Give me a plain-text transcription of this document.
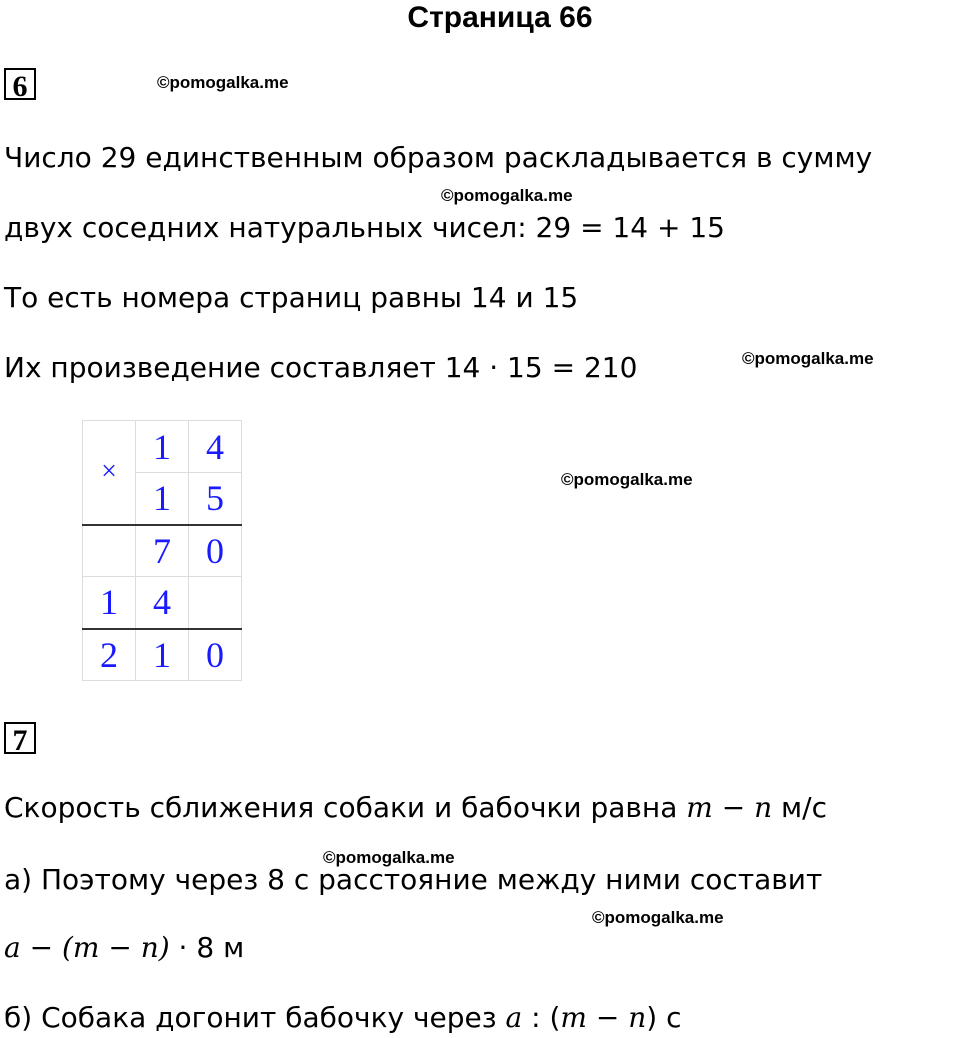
Страница 66
6	©pomogalka.me
Число 29 единственным образом раскладывается в сумму
©pomogalka.me
двух соседних натуральных чисел: 29 = 14 + 15
То есть номера страниц равны 14 и 15
Их произведение составляет 14 · 15 = 210	©pomogalka.me
×	1	4
	1	5
	7	0
1	4	
2	1	0
©pomogalka.me
7
Скорость сближения собаки и бабочки равна m − n м/с
©pomogalka.me
а) Поэтому через 8 с расстояние между ними составит
©pomogalka.me
a − (m − n) · 8 м
б) Собака догонит бабочку через a : (m − n) с
